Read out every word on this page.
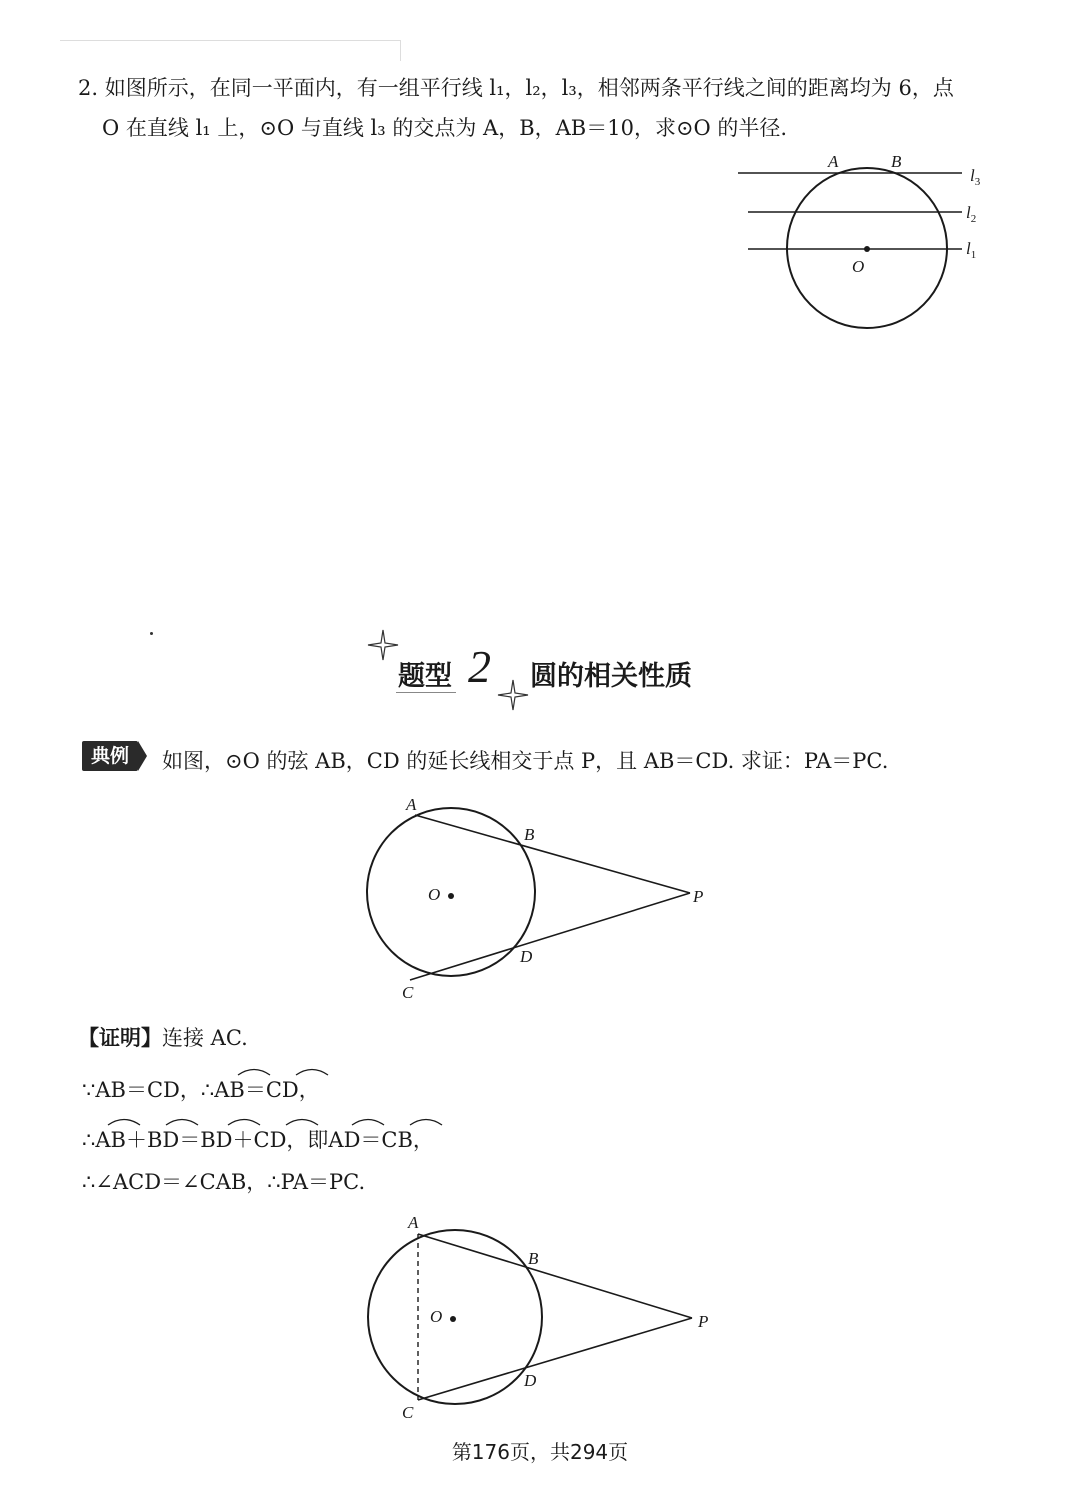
2. 如图所示，在同一平面内，有一组平行线 l₁，l₂，l₃，相邻两条平行线之间的距离均为 6，点
O 在直线 l₁ 上，⊙O 与直线 l₃ 的交点为 A，B，AB＝10，求⊙O 的半径.
A	B
O
$l_3$
$l_2$
$l_1$
题型 2 圆的相关性质
典例	如图，⊙O 的弦 AB，CD 的延长线相交于点 P，且 AB＝CD. 求证：PA＝PC.
A
B
O	P
D
C
【证明】连接 AC.
∵AB＝CD，∴AB＝CD，
∴AB＋BD＝BD＋CD，即AD＝CB，
∴∠ACD＝∠CAB，∴PA＝PC.
A
B
O	P
D
C
第176页，共294页
